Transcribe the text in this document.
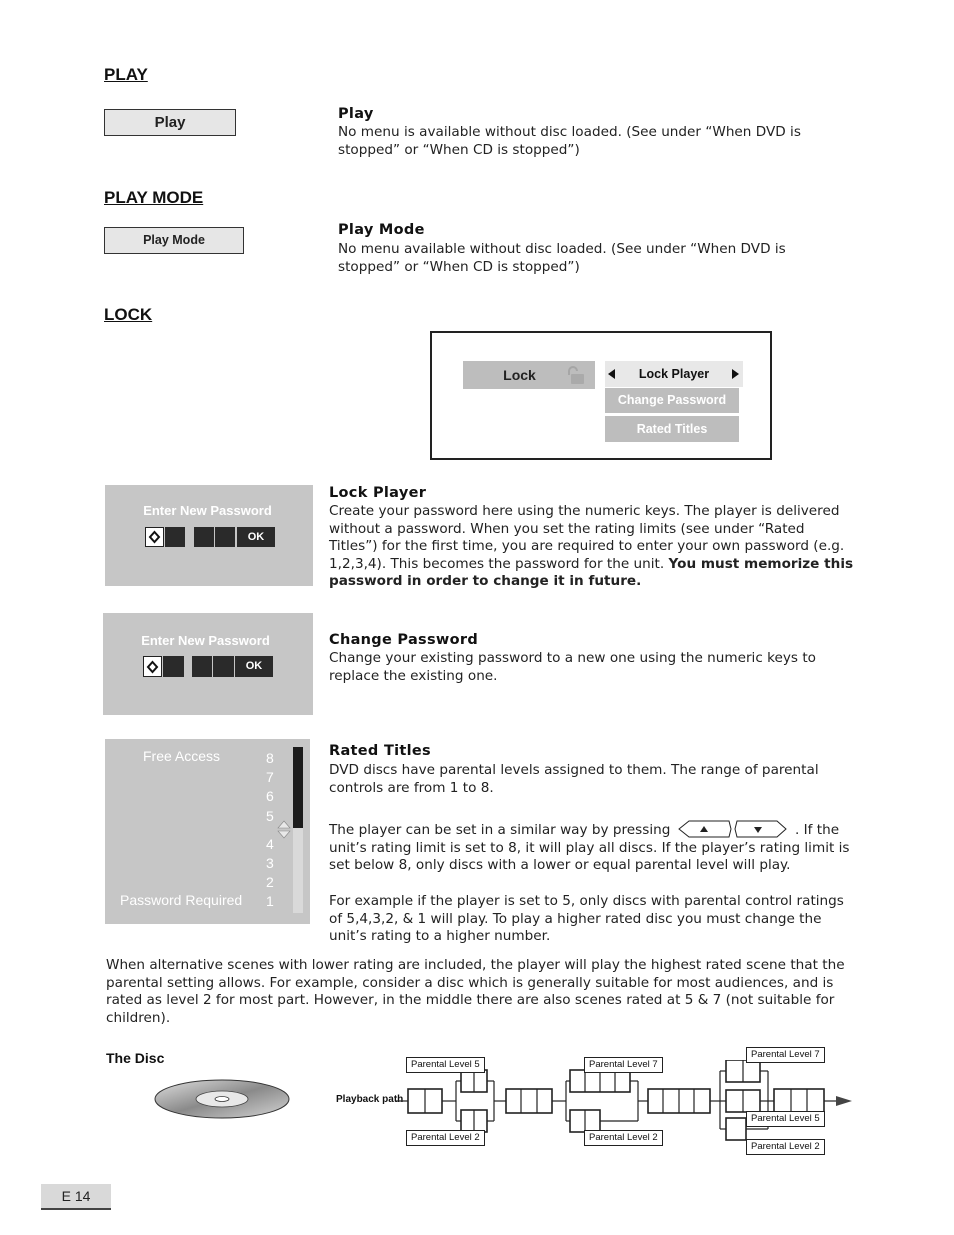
PLAY
Play	Play
No menu is available without disc loaded. (See under “When DVD is stopped” or “When CD is stopped”)
PLAY MODE
Play Mode
Play Mode
No menu available without disc loaded. (See under “When DVD is stopped” or “When CD is stopped”)
LOCK
Lock	Lock Player
Change Password
Rated Titles
Enter New Password
OK
Lock Player
Create your password here using the numeric keys. The player is delivered without a password. When you set the rating limits (see under “Rated Titles”) for the first time, you are required to enter your own password (e.g. 1,2,3,4). This becomes the password for the unit. You must memorize this password in order to change it in future.
Enter New Password
OK
Change Password
Change your existing password to a new one using the numeric keys to replace the existing one.
Free Access
Password Required
8
7
6
5
4
3
2
1
Rated Titles
DVD discs have parental levels assigned to them. The range of parental controls are from 1 to 8.
The player can be set in a similar way by pressing	. If the unit’s rating limit is set to 8, it will play all discs. If the player’s rating limit is set below 8, only discs with a lower or equal parental level will play.
For example if the player is set to 5, only discs with parental control ratings of 5,4,3,2, & 1 will play. To play a higher rated disc you must change the unit’s rating to a higher number.
When alternative scenes with lower rating are included, the player will play the highest rated scene that the parental setting allows. For example, consider a disc which is generally suitable for most audiences, and is rated as level 2 for most part. However, in the middle there are also scenes rated at 5 & 7 (not suitable for children).
The Disc
Playback path
Parental Level 5
Parental Level 2
Parental Level 7
Parental Level 2
Parental Level 7
Parental Level 5
Parental Level 2
E 14
